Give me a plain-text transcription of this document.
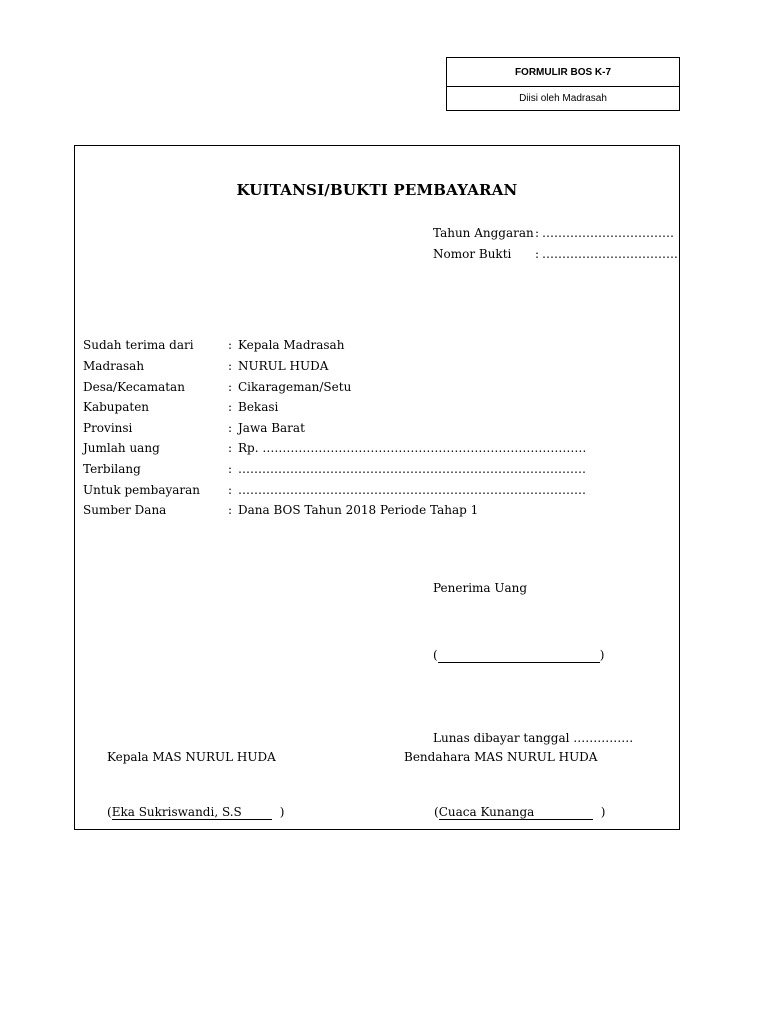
FORMULIR BOS K-7
Diisi oleh Madrasah
KUITANSI/BUKTI PEMBAYARAN
Tahun Anggaran : ……………………………
Nomor Bukti : …………………………….
Sudah terima dari	: Kepala Madrasah
Madrasah	: NURUL HUDA
Desa/Kecamatan	: Cikarageman/Setu
Kabupaten	: Bekasi
Provinsi	: Jawa Barat
Jumlah uang	: Rp. ………………………………………………………………………
Terbilang	: ……………………………………………………………………………
Untuk pembayaran : ……………………………………………………………………………
Sumber Dana	: Dana BOS Tahun 2018 Periode Tahap 1
Penerima Uang
(	)
Lunas dibayar tanggal ……………
Kepala MAS NURUL HUDA	Bendahara MAS NURUL HUDA
(Eka Sukriswandi, S.S	)	(Cuaca Kunanga	)
